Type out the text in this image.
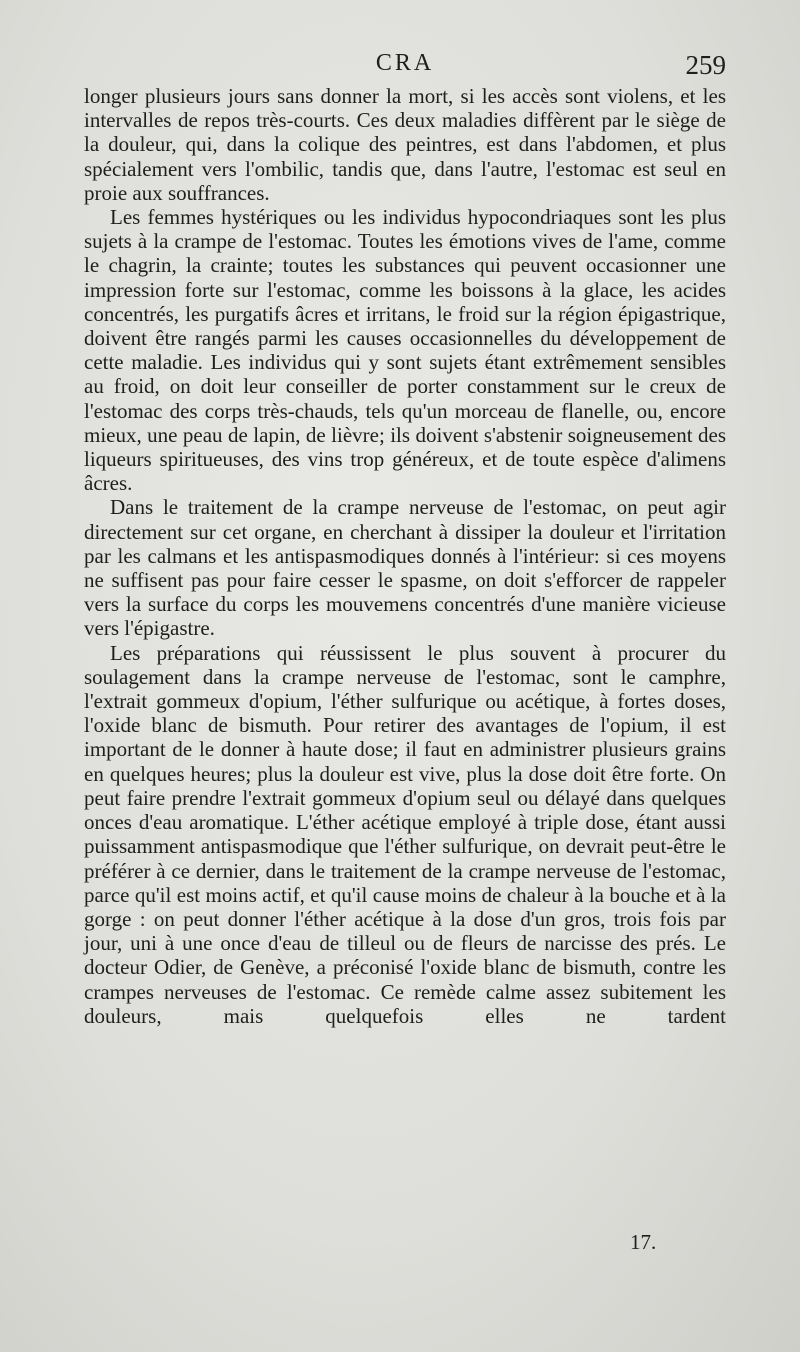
CRA	259

longer plusieurs jours sans donner la mort, si les accès sont violens, et les intervalles de repos très-courts. Ces deux maladies diffèrent par le siège de la douleur, qui, dans la colique des peintres, est dans l'abdomen, et plus spécialement vers l'ombilic, tandis que, dans l'autre, l'estomac est seul en proie aux souffrances.

Les femmes hystériques ou les individus hypocondriaques sont les plus sujets à la crampe de l'estomac. Toutes les émotions vives de l'ame, comme le chagrin, la crainte; toutes les substances qui peuvent occasionner une impression forte sur l'estomac, comme les boissons à la glace, les acides concentrés, les purgatifs âcres et irritans, le froid sur la région épigastrique, doivent être rangés parmi les causes occasionnelles du développement de cette maladie. Les individus qui y sont sujets étant extrêmement sensibles au froid, on doit leur conseiller de porter constamment sur le creux de l'estomac des corps très-chauds, tels qu'un morceau de flanelle, ou, encore mieux, une peau de lapin, de lièvre; ils doivent s'abstenir soigneusement des liqueurs spiritueuses, des vins trop généreux, et de toute espèce d'alimens âcres.

Dans le traitement de la crampe nerveuse de l'estomac, on peut agir directement sur cet organe, en cherchant à dissiper la douleur et l'irritation par les calmans et les antispasmodiques donnés à l'intérieur: si ces moyens ne suffisent pas pour faire cesser le spasme, on doit s'efforcer de rappeler vers la surface du corps les mouvemens concentrés d'une manière vicieuse vers l'épigastre.

Les préparations qui réussissent le plus souvent à procurer du soulagement dans la crampe nerveuse de l'estomac, sont le camphre, l'extrait gommeux d'opium, l'éther sulfurique ou acétique, à fortes doses, l'oxide blanc de bismuth. Pour retirer des avantages de l'opium, il est important de le donner à haute dose; il faut en administrer plusieurs grains en quelques heures; plus la douleur est vive, plus la dose doit être forte. On peut faire prendre l'extrait gommeux d'opium seul ou délayé dans quelques onces d'eau aromatique. L'éther acétique employé à triple dose, étant aussi puissamment antispasmodique que l'éther sulfurique, on devrait peut-être le préférer à ce dernier, dans le traitement de la crampe nerveuse de l'estomac, parce qu'il est moins actif, et qu'il cause moins de chaleur à la bouche et à la gorge : on peut donner l'éther acétique à la dose d'un gros, trois fois par jour, uni à une once d'eau de tilleul ou de fleurs de narcisse des prés. Le docteur Odier, de Genève, a préconisé l'oxide blanc de bismuth, contre les crampes nerveuses de l'estomac. Ce remède calme assez subitement les douleurs, mais quelquefois elles ne tardent

17.
